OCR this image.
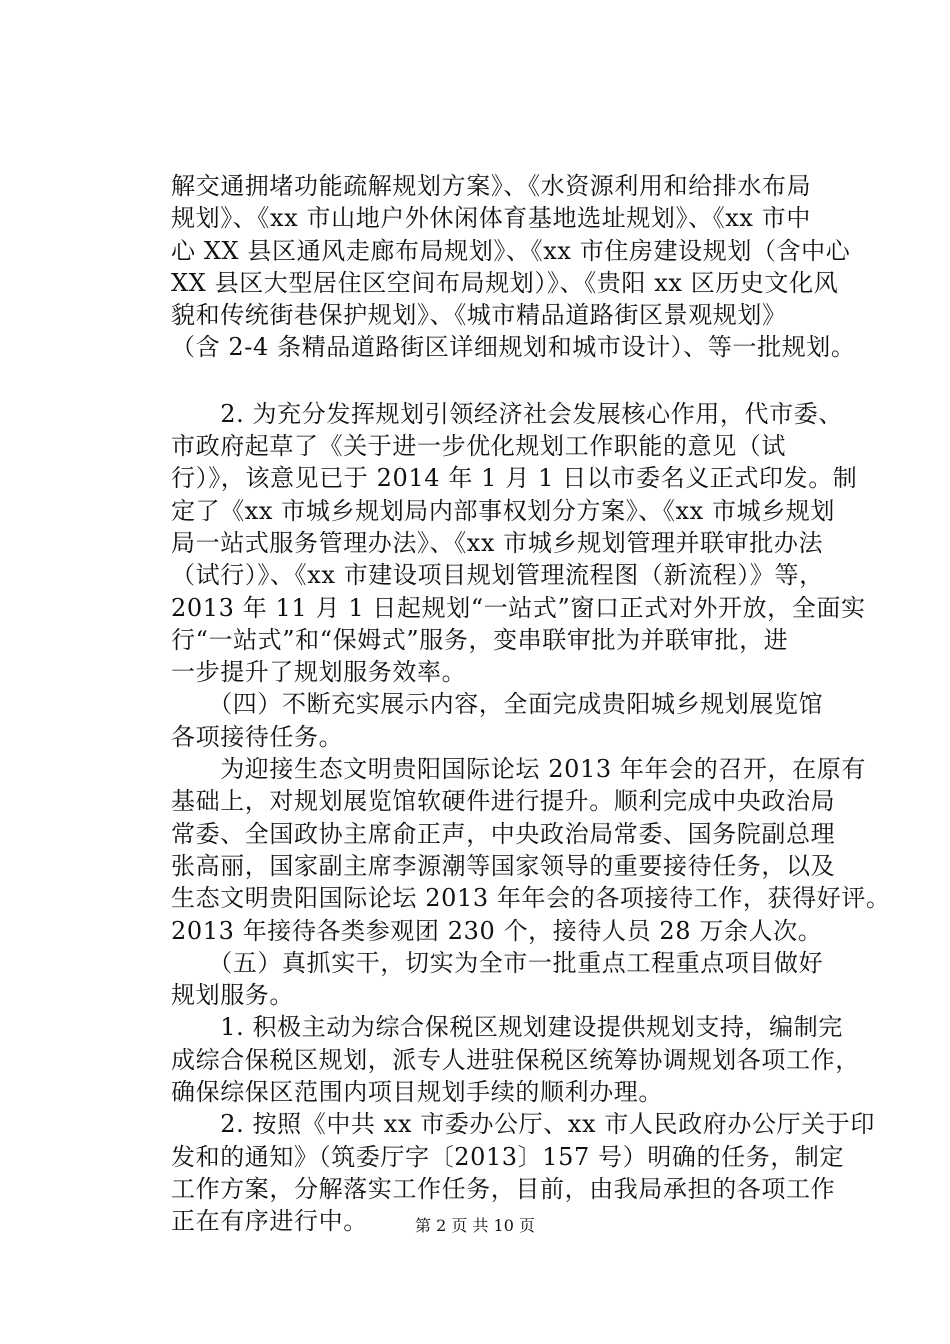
解交通拥堵功能疏解规划方案》、《水资源利用和给排水布局
规划》、《xx 市山地户外休闲体育基地选址规划》、《xx 市中
心 XX 县区通风走廊布局规划》、《xx 市住房建设规划（含中心
XX 县区大型居住区空间布局规划）》、《贵阳 xx 区历史文化风
貌和传统街巷保护规划》、《城市精品道路街区景观规划》
（含 2-4 条精品道路街区详细规划和城市设计）、等一批规划。
　　2. 为充分发挥规划引领经济社会发展核心作用，代市委、
市政府起草了《关于进一步优化规划工作职能的意见（试
行）》，该意见已于 2014 年 1 月 1 日以市委名义正式印发。制
定了《xx 市城乡规划局内部事权划分方案》、《xx 市城乡规划
局一站式服务管理办法》、《xx 市城乡规划管理并联审批办法
（试行）》、《xx 市建设项目规划管理流程图（新流程）》等，
2013 年 11 月 1 日起规划“一站式”窗口正式对外开放，全面实
行“一站式”和“保姆式”服务，变串联审批为并联审批，进
一步提升了规划服务效率。
　　（四）不断充实展示内容，全面完成贵阳城乡规划展览馆
各项接待任务。
　　为迎接生态文明贵阳国际论坛 2013 年年会的召开，在原有
基础上，对规划展览馆软硬件进行提升。顺利完成中央政治局
常委、全国政协主席俞正声，中央政治局常委、国务院副总理
张高丽，国家副主席李源潮等国家领导的重要接待任务，以及
生态文明贵阳国际论坛 2013 年年会的各项接待工作，获得好评。
2013 年接待各类参观团 230 个，接待人员 28 万余人次。
　　（五）真抓实干，切实为全市一批重点工程重点项目做好
规划服务。
　　1. 积极主动为综合保税区规划建设提供规划支持，编制完
成综合保税区规划，派专人进驻保税区统筹协调规划各项工作，
确保综保区范围内项目规划手续的顺利办理。
　　2. 按照《中共 xx 市委办公厅、xx 市人民政府办公厅关于印
发和的通知》（筑委厅字〔2013〕157 号）明确的任务，制定
工作方案，分解落实工作任务，目前，由我局承担的各项工作
正在有序进行中。	第 2 页 共 10 页
